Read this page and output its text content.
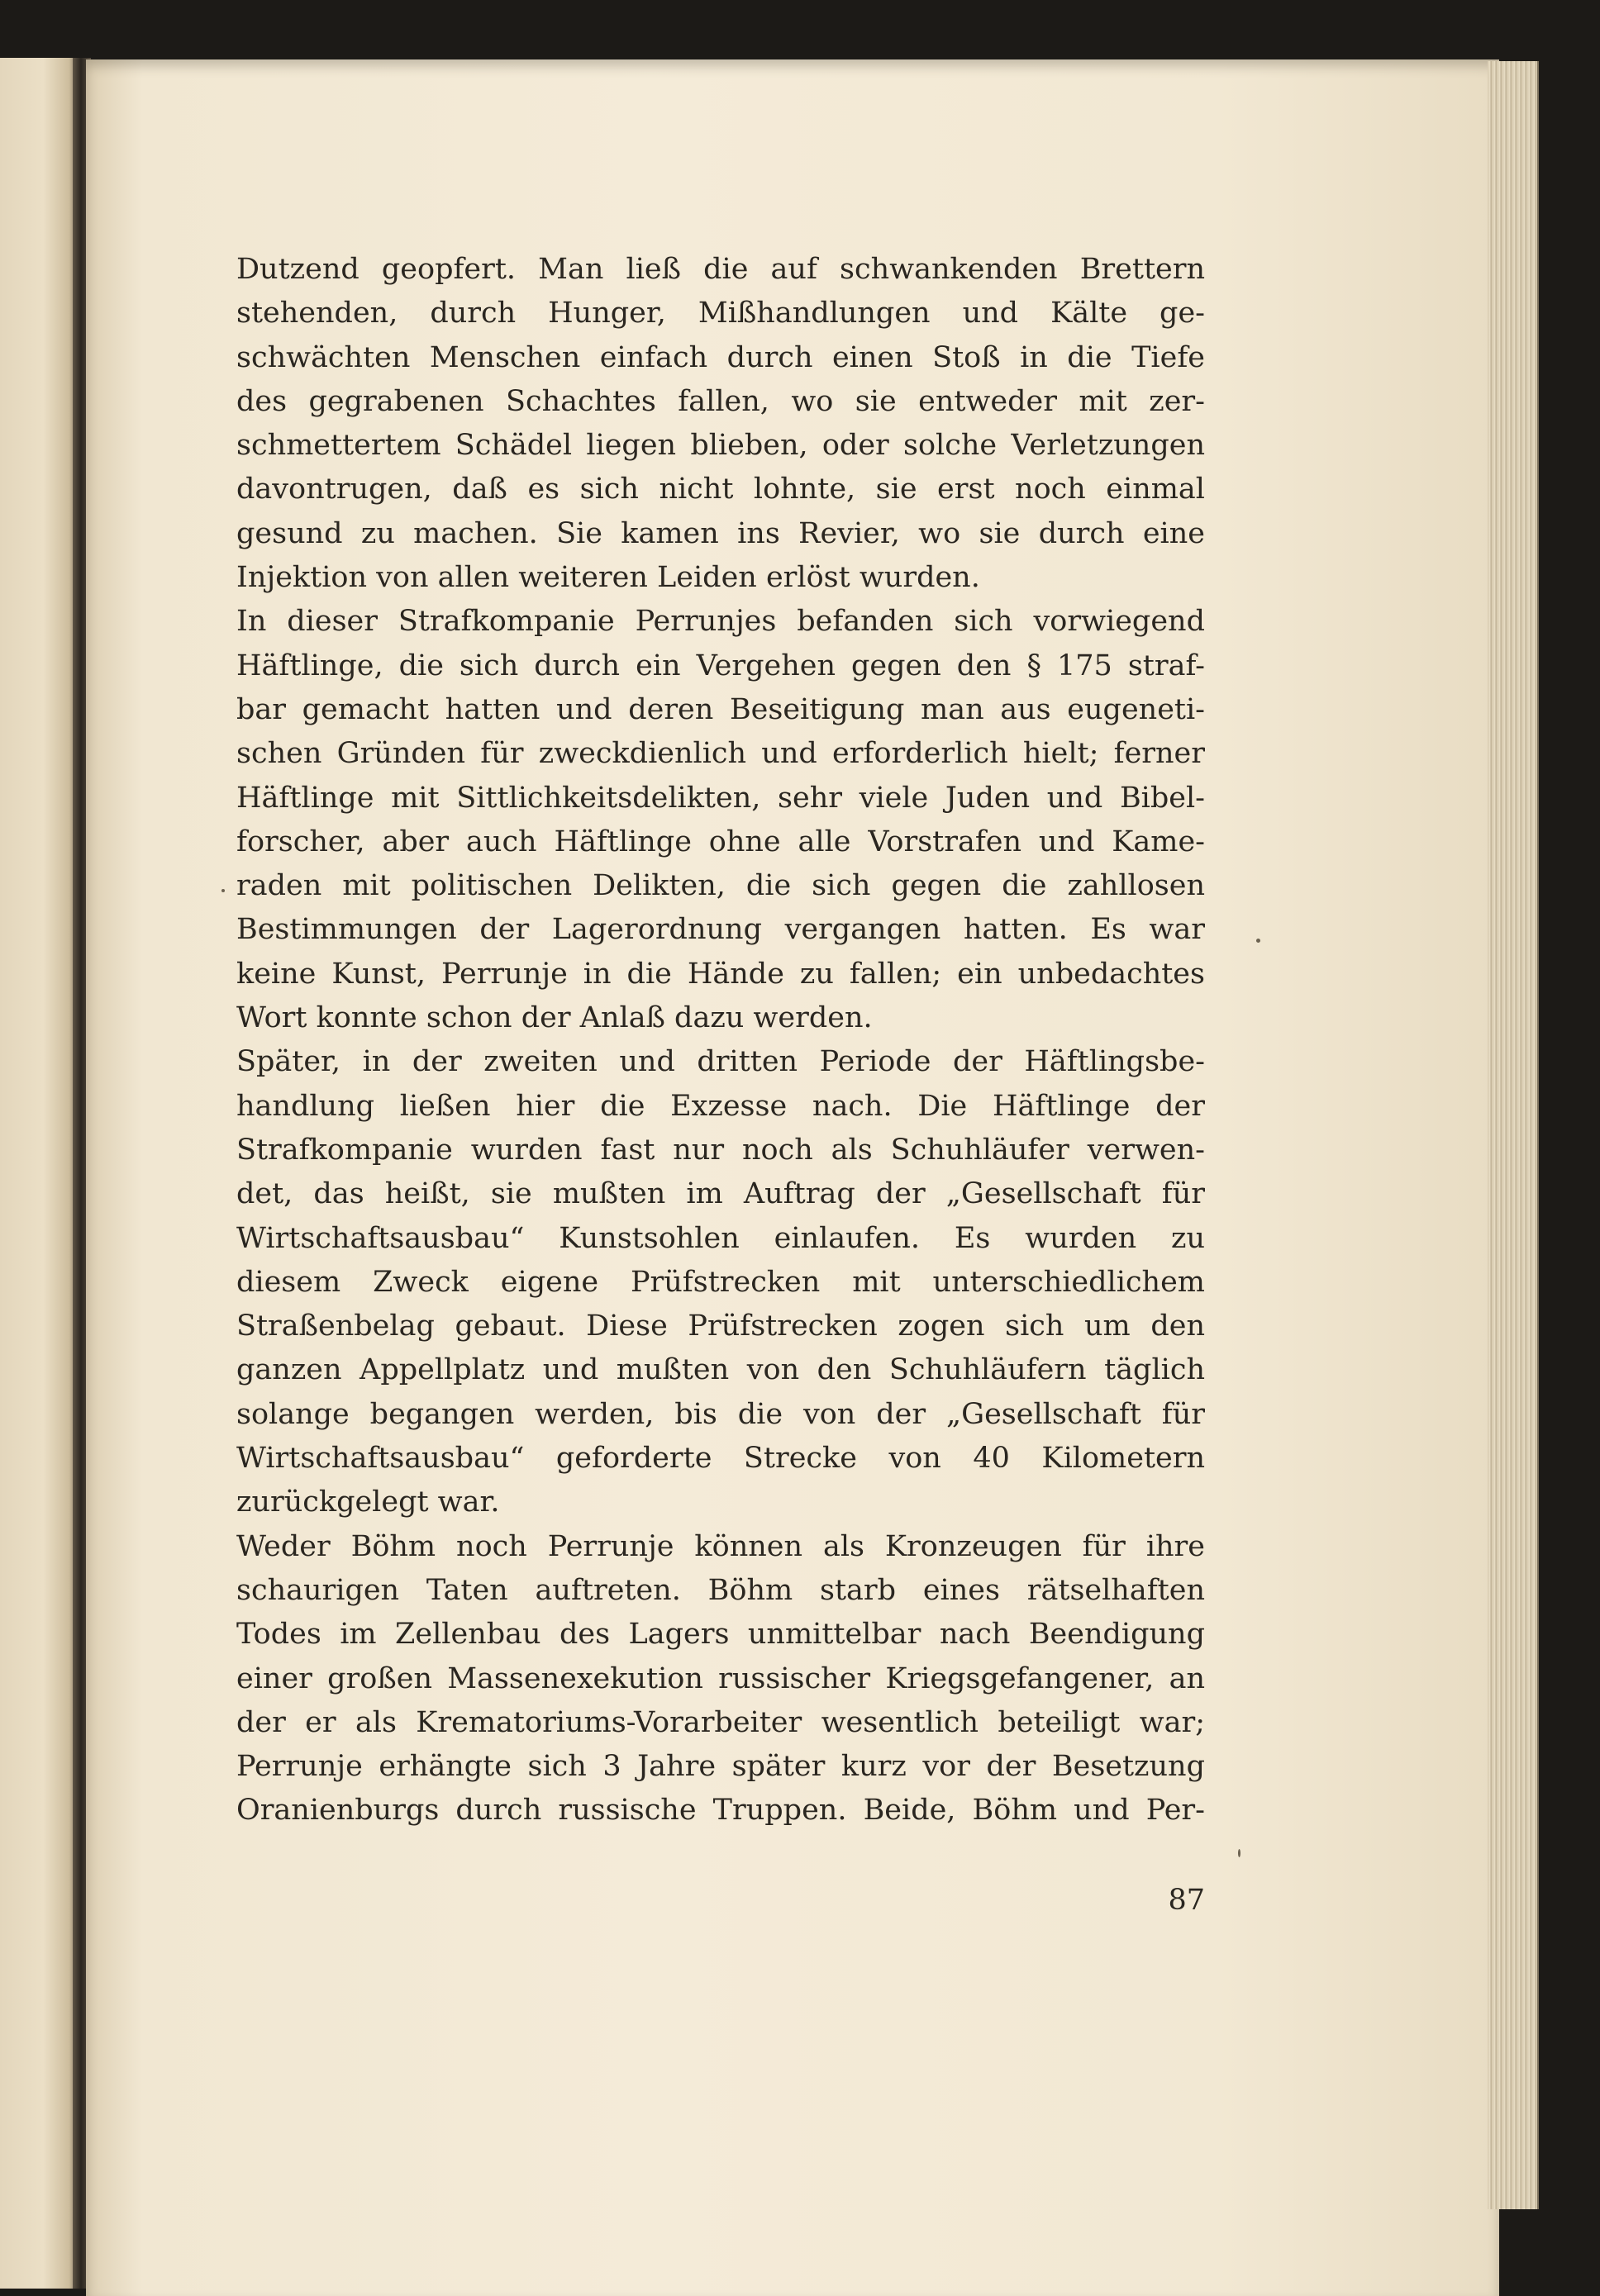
Dutzend geopfert. Man ließ die auf schwankenden Brettern
stehenden, durch Hunger, Mißhandlungen und Kälte ge-
schwächten Menschen einfach durch einen Stoß in die Tiefe
des gegrabenen Schachtes fallen, wo sie entweder mit zer-
schmettertem Schädel liegen blieben, oder solche Verletzungen
davontrugen, daß es sich nicht lohnte, sie erst noch einmal
gesund zu machen. Sie kamen ins Revier, wo sie durch eine
Injektion von allen weiteren Leiden erlöst wurden.
In dieser Strafkompanie Perrunjes befanden sich vorwiegend
Häftlinge, die sich durch ein Vergehen gegen den § 175 straf-
bar gemacht hatten und deren Beseitigung man aus eugeneti-
schen Gründen für zweckdienlich und erforderlich hielt; ferner
Häftlinge mit Sittlichkeitsdelikten, sehr viele Juden und Bibel-
forscher, aber auch Häftlinge ohne alle Vorstrafen und Kame-
raden mit politischen Delikten, die sich gegen die zahllosen
Bestimmungen der Lagerordnung vergangen hatten. Es war
keine Kunst, Perrunje in die Hände zu fallen; ein unbedachtes
Wort konnte schon der Anlaß dazu werden.
Später, in der zweiten und dritten Periode der Häftlingsbe-
handlung ließen hier die Exzesse nach. Die Häftlinge der
Strafkompanie wurden fast nur noch als Schuhläufer verwen-
det, das heißt, sie mußten im Auftrag der „Gesellschaft für
Wirtschaftsausbau“ Kunstsohlen einlaufen. Es wurden zu
diesem Zweck eigene Prüfstrecken mit unterschiedlichem
Straßenbelag gebaut. Diese Prüfstrecken zogen sich um den
ganzen Appellplatz und mußten von den Schuhläufern täglich
solange begangen werden, bis die von der „Gesellschaft für
Wirtschaftsausbau“ geforderte Strecke von 40 Kilometern
zurückgelegt war.
Weder Böhm noch Perrunje können als Kronzeugen für ihre
schaurigen Taten auftreten. Böhm starb eines rätselhaften
Todes im Zellenbau des Lagers unmittelbar nach Beendigung
einer großen Massenexekution russischer Kriegsgefangener, an
der er als Krematoriums-Vorarbeiter wesentlich beteiligt war;
Perrunje erhängte sich 3 Jahre später kurz vor der Besetzung
Oranienburgs durch russische Truppen. Beide, Böhm und Per-
87
